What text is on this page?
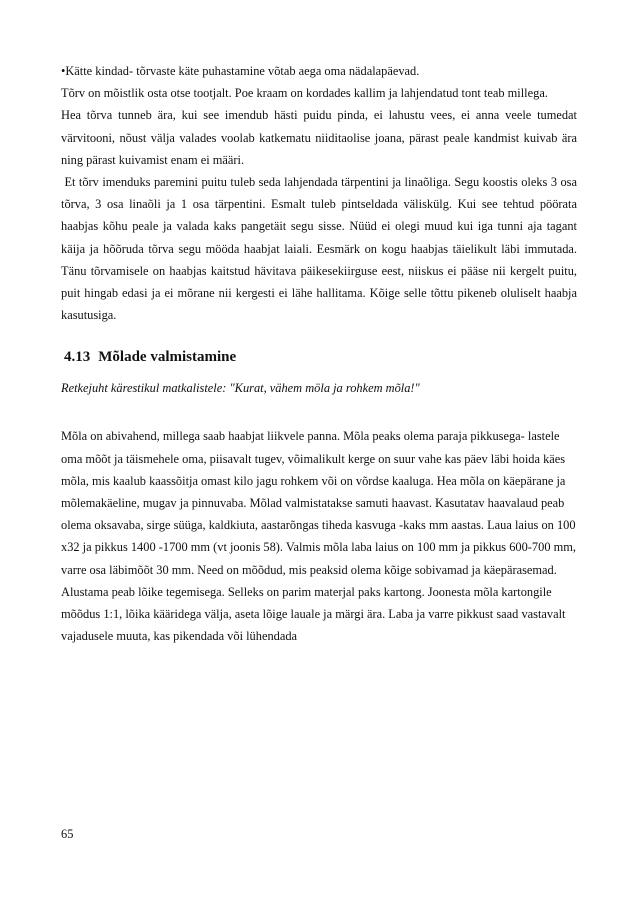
•Kätte kindad- tõrvaste käte puhastamine võtab aega oma nädalapäevad.

Tõrv on mõistlik osta otse tootjalt. Poe kraam on kordades kallim ja lahjendatud tont teab millega.

Hea tõrva tunneb ära, kui see imendub hästi puidu pinda, ei lahustu vees, ei anna veele tumedat värvitooni, nõust välja valades voolab katkematu niiditaolise joana, pärast peale kandmist kuivab ära ning pärast kuivamist enam ei määri.

Et tõrv imenduks paremini puitu tuleb seda lahjendada tärpentini ja linaõliga. Segu koostis oleks 3 osa tõrva, 3 osa linaõli ja 1 osa tärpentini. Esmalt tuleb pintseldada väliskülg. Kui see tehtud pöörata haabjas kõhu peale ja valada kaks pangetäit segu sisse. Nüüd ei olegi muud kui iga tunni aja tagant käija ja hõõruda tõrva segu mööda haabjat laiali. Eesmärk on kogu haabjas täielikult läbi immutada. Tänu tõrvamisele on haabjas kaitstud hävitava päikesekiirguse eest, niiskus ei pääse nii kergelt puitu, puit hingab edasi ja ei mõrane nii kergesti ei lähe hallitama. Kõige selle tõttu pikeneb oluliselt haabja kasutusiga.

4.13 Mõlade valmistamine

Retkejuht kärestikul matkalistele: "Kurat, vähem möla ja rohkem mõla!"

Mõla on abivahend, millega saab haabjat liikvele panna. Mõla peaks olema paraja pikkusega- lastele oma mõõt ja täismehele oma, piisavalt tugev, võimalikult kerge on suur vahe kas päev läbi hoida käes mõla, mis kaalub kaassõitja omast kilo jagu rohkem või on võrdse kaaluga. Hea mõla on käepärane ja mõlemakäeline, mugav ja pinnuvaba. Mõlad valmistatakse samuti haavast. Kasutatav haavalaud peab olema oksavaba, sirge süüga, kaldkiuta, aastarõngas tiheda kasvuga -kaks mm aastas. Laua laius on 100 x32 ja pikkus 1400 -1700 mm (vt joonis 58). Valmis mõla laba laius on 100 mm ja pikkus 600-700 mm, varre osa läbimõõt 30 mm. Need on mõõdud, mis peaksid olema kõige sobivamad ja käepärasemad. Alustama peab lõike tegemisega. Selleks on parim materjal paks kartong. Joonesta mõla kartongile mõõdus 1:1, lõika kääridega välja, aseta lõige lauale ja märgi ära. Laba ja varre pikkust saad vastavalt vajadusele muuta, kas pikendada või lühendada

65
